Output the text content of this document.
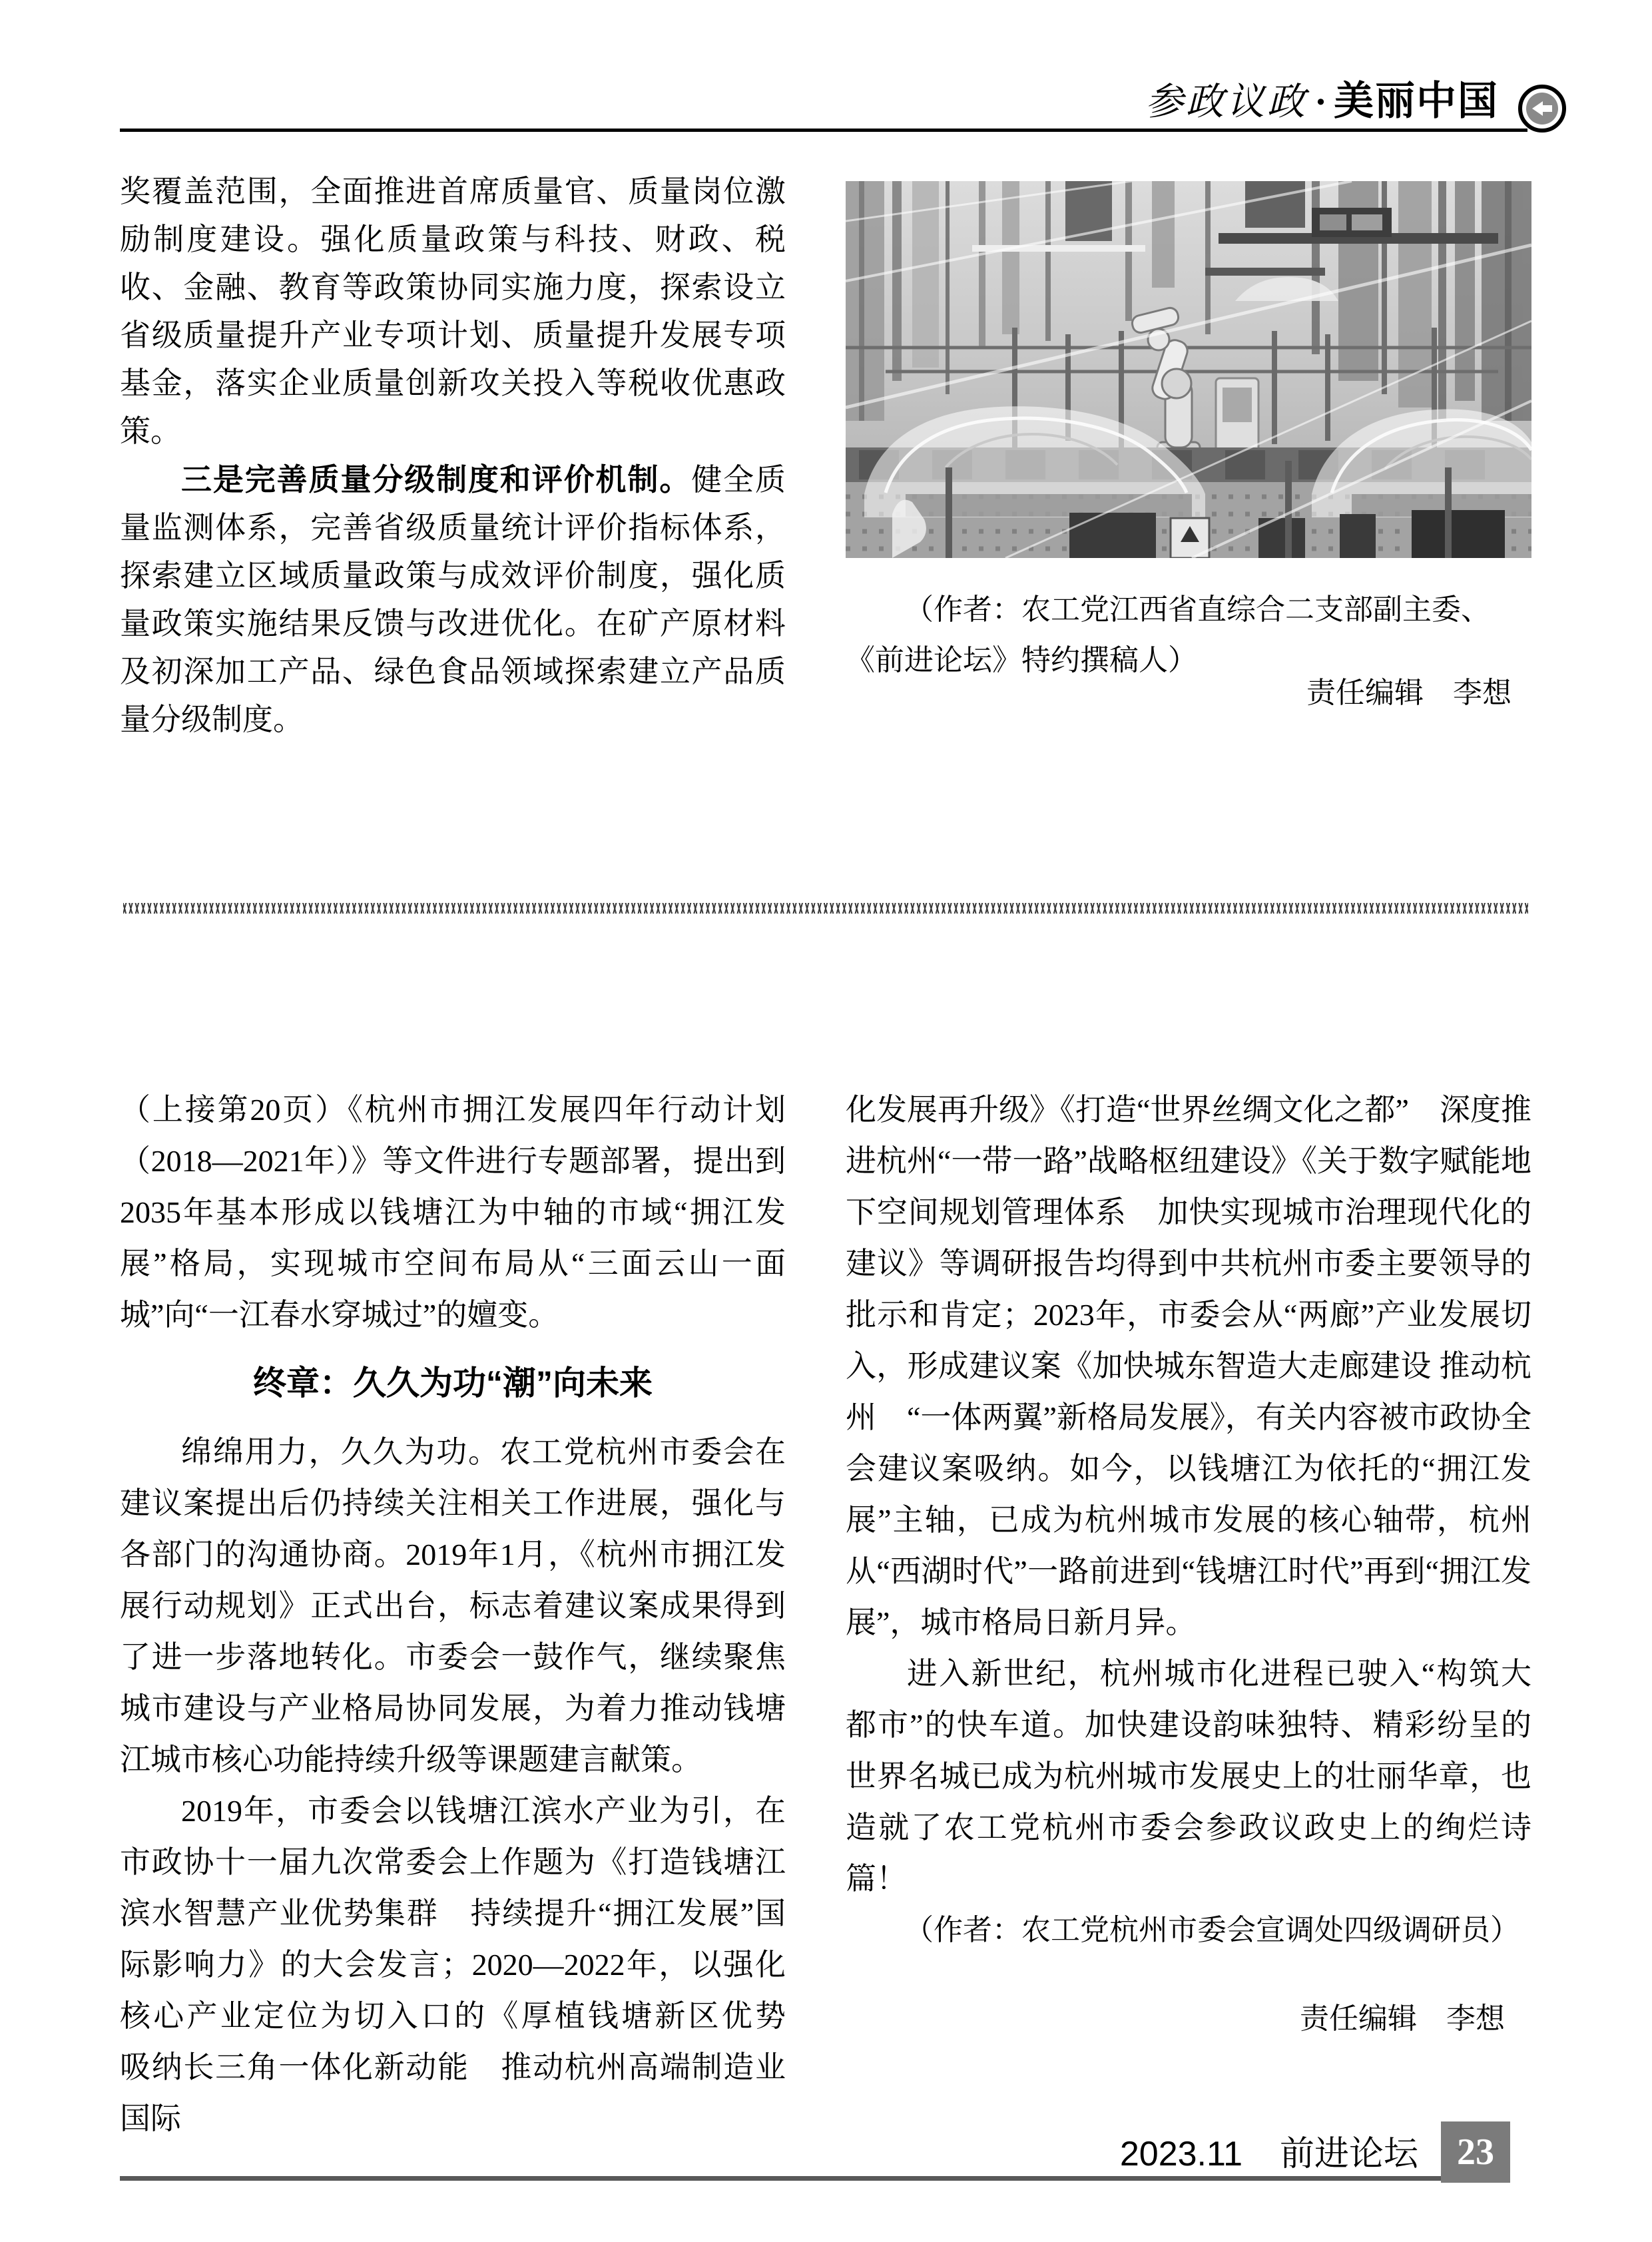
参政议政 · 美丽中国

奖覆盖范围，全面推进首席质量官、质量岗位激励制度建设。强化质量政策与科技、财政、税收、金融、教育等政策协同实施力度，探索设立省级质量提升产业专项计划、质量提升发展专项基金，落实企业质量创新攻关投入等税收优惠政策。

三是完善质量分级制度和评价机制。健全质量监测体系，完善省级质量统计评价指标体系，探索建立区域质量政策与成效评价制度，强化质量政策实施结果反馈与改进优化。在矿产原材料及初深加工产品、绿色食品领域探索建立产品质量分级制度。

（作者：农工党江西省直综合二支部副主委、《前进论坛》特约撰稿人）
责任编辑　李想

（上接第20页）《杭州市拥江发展四年行动计划（2018—2021年）》等文件进行专题部署，提出到2035年基本形成以钱塘江为中轴的市域“拥江发展”格局，实现城市空间布局从“三面云山一面城”向“一江春水穿城过”的嬗变。

终章：久久为功“潮”向未来

绵绵用力，久久为功。农工党杭州市委会在建议案提出后仍持续关注相关工作进展，强化与各部门的沟通协商。2019年1月，《杭州市拥江发展行动规划》正式出台，标志着建议案成果得到了进一步落地转化。市委会一鼓作气，继续聚焦城市建设与产业格局协同发展，为着力推动钱塘江城市核心功能持续升级等课题建言献策。

2019年，市委会以钱塘江滨水产业为引，在市政协十一届九次常委会上作题为《打造钱塘江滨水智慧产业优势集群　持续提升“拥江发展”国际影响力》的大会发言；2020—2022年，以强化核心产业定位为切入口的《厚植钱塘新区优势　吸纳长三角一体化新动能　推动杭州高端制造业国际

化发展再升级》《打造“世界丝绸文化之都”　深度推进杭州“一带一路”战略枢纽建设》《关于数字赋能地下空间规划管理体系　加快实现城市治理现代化的建议》等调研报告均得到中共杭州市委主要领导的批示和肯定；2023年，市委会从“两廊”产业发展切入，形成建议案《加快城东智造大走廊建设 推动杭州　“一体两翼”新格局发展》，有关内容被市政协全会建议案吸纳。如今，以钱塘江为依托的“拥江发展”主轴，已成为杭州城市发展的核心轴带，杭州从“西湖时代”一路前进到“钱塘江时代”再到“拥江发展”，城市格局日新月异。

进入新世纪，杭州城市化进程已驶入“构筑大都市”的快车道。加快建设韵味独特、精彩纷呈的世界名城已成为杭州城市发展史上的壮丽华章，也造就了农工党杭州市委会参政议政史上的绚烂诗篇！

（作者：农工党杭州市委会宣调处四级调研员）

责任编辑　李想

2023.11 前进论坛 23
